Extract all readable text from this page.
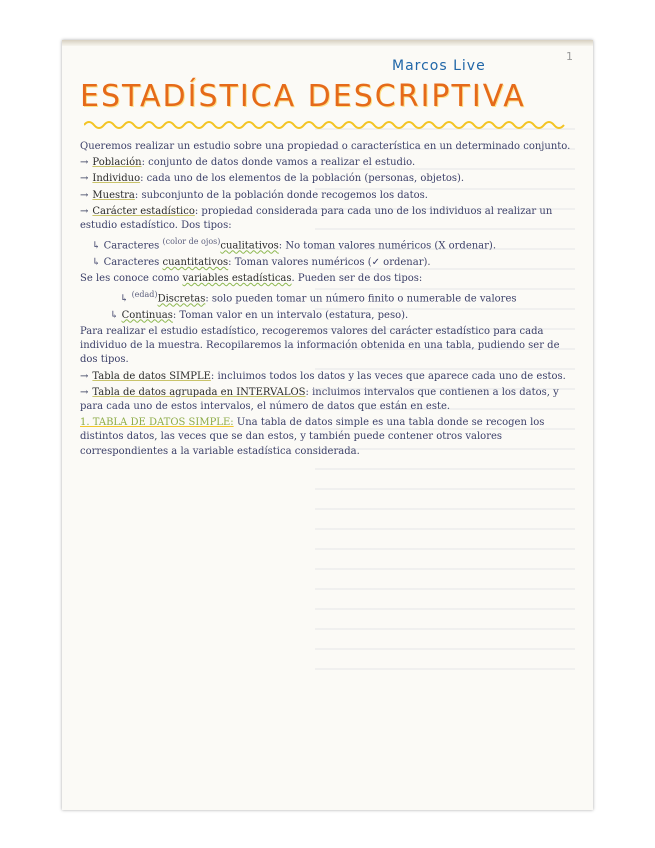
Marcos Live
1
ESTADÍSTICA DESCRIPTIVA

Queremos realizar un estudio sobre una propiedad o característica en un determinado conjunto.

→ Población: conjunto de datos donde vamos a realizar el estudio.

→ Individuo: cada uno de los elementos de la población (personas, objetos).

→ Muestra: subconjunto de la población donde recogemos los datos.

→ Carácter estadístico: propiedad considerada para cada uno de los individuos al realizar un estudio estadístico. Dos tipos:

↳ Caracteres $^{(color de ojos)}$cualitativos: No toman valores numéricos (X ordenar).

↳ Caracteres cuantitativos: Toman valores numéricos (✓ ordenar).

Se les conoce como variables estadísticas. Pueden ser de dos tipos:

↳ $^{(edad)}$Discretas: solo pueden tomar un número finito o numerable de valores

↳ Continuas: Toman valor en un intervalo (estatura, peso).

Para realizar el estudio estadístico, recogeremos valores del carácter estadístico para cada individuo de la muestra. Recopilaremos la información obtenida en una tabla, pudiendo ser de dos tipos.

→ Tabla de datos SIMPLE: incluimos todos los datos y las veces que aparece cada uno de estos.

→ Tabla de datos agrupada en INTERVALOS: incluimos intervalos que contienen a los datos, y para cada uno de estos intervalos, el número de datos que están en este.

1. TABLA DE DATOS SIMPLE: Una tabla de datos simple es una tabla donde se recogen los distintos datos, las veces que se dan estos, y también puede contener otros valores correspondientes a la variable estadística considerada.
